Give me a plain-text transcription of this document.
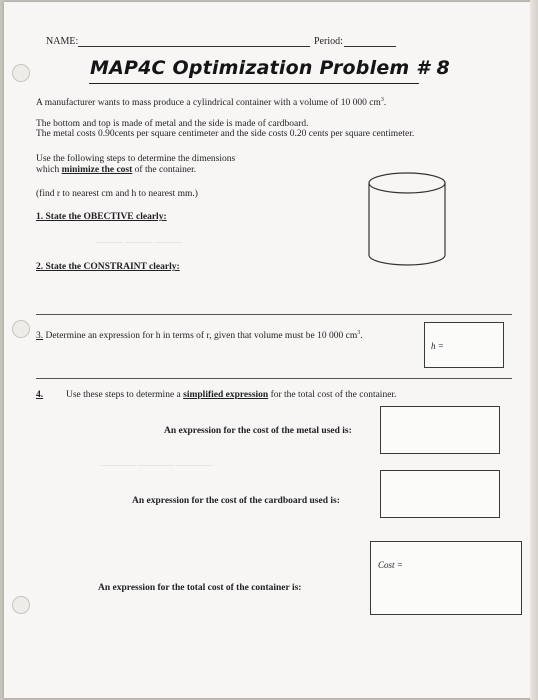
NAME:	Period:
MAP4C Optimization Problem # 8
A manufacturer wants to mass produce a cylindrical container with a volume of 10 000 $cm^3$.
The bottom and top is made of metal and the side is made of cardboard.
The metal costs 0.90cents per square centimeter and the side costs 0.20 cents per square centimeter.
Use the following steps to determine the dimensions
which minimize the cost of the container.
(find r to nearest cm and h to nearest mm.)
1. State the OBECTIVE clearly:
——— ——— ———
2. State the CONSTRAINT clearly:
3. Determine an expression for h in terms of r, given that volume must be 10 000 $cm^3$.
h =
4. Use these steps to determine a simplified expression for the total cost of the container.
An expression for the cost of the metal used is:
———— ———— ————
An expression for the cost of the cardboard used is:
An expression for the total cost of the container is:
Cost =
